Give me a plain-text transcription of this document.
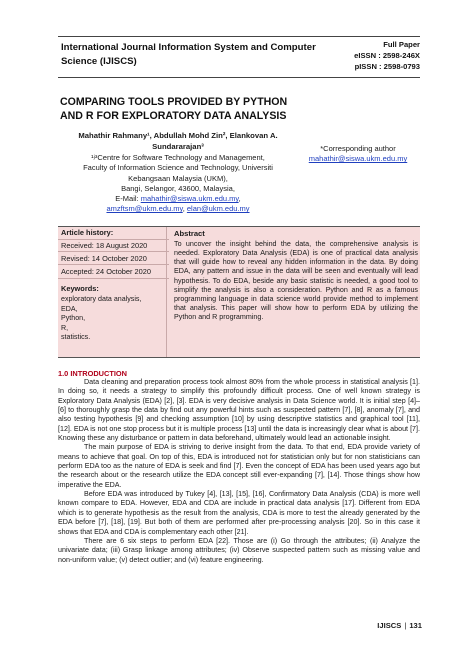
International Journal Information System and Computer Science (IJISCS)
Full Paper
eISSN : 2598-246X
pISSN : 2598-0793
COMPARING TOOLS PROVIDED BY PYTHON AND R FOR EXPLORATORY DATA ANALYSIS
Mahathir Rahmany¹, Abdullah Mohd Zin², Elankovan A.
Sundararajan³
¹ʲ³Centre for Software Technology and Management,
Faculty of Information Science and Technology, Universiti
Kebangsaan Malaysia (UKM),
Bangi, Selangor, 43600, Malaysia,
E-Mail: mahathir@siswa.ukm.edu.my,
amzftsm@ukm.edu.my, elan@ukm.edu.my
*Corresponding author
mahathir@siswa.ukm.edu.my
Article history:
Received: 18 August 2020
Revised: 14 October 2020
Accepted: 24 October 2020
Keywords:
exploratory data analysis,
EDA,
Python,
R,
statistics.
Abstract
To uncover the insight behind the data, the comprehensive analysis is needed. Exploratory Data Analysis (EDA) is one of practical data analysis that will guide how to reveal any hidden information in the data. By doing EDA, any pattern and issue in the data will be seen and eventually will lead hypothesis. To do EDA, beside any basic statistic is needed, a good tool to simplify the analysis is also a consideration. Python and R as a famous programming language in data science world provide method to implement that analysis. This paper will show how to perform EDA by utilizing the Python and R programming.
1.0 INTRODUCTION

Data cleaning and preparation process took almost 80% from the whole process in statistical analysis [1]. In doing so, it needs a strategy to simplify this profoundly difficult process. One of well known strategy is Exploratory Data Analysis (EDA) [2], [3]. EDA is very decisive analysis in Data Science world. It is initial step [4]–[6] to thoroughly grasp the data by find out any powerful hints such as suspected pattern [7], [8], anomaly [7], and also testing hypothesis [9] and checking assumption [10] by using descriptive statistics and graphical tool [11], [12]. EDA is not one stop process but it is multiple process [13] until the data is increasingly clear what is about [7]. Knowing these any disturbance or pattern in data beforehand, ultimately would lead an actionable insight.

The main purpose of EDA is striving to derive insight from the data. To that end, EDA provide variety of means to achieve that goal. On top of this, EDA is introduced not for statistician only but for non statisticians can perform EDA too as the nature of EDA is seek and find [7]. Even the concept of EDA has been used years ago but the research about or the research utilize the EDA concept still ever-expanding [7], [14]. Those things show how imperative the EDA.

Before EDA was introduced by Tukey [4], [13], [15], [16], Confirmatory Data Analysis (CDA) is more well known compare to EDA. However, EDA and CDA are include in practical data analysis [17]. Different from EDA which is to generate hypothesis as the result from the analysis, CDA is more to test the already generated by the EDA before [7], [18], [19]. But both of them are performed after pre-processing analysis [20]. So in this case it shows that EDA and CDA is complementary each other [21].

There are 6 six steps to perform EDA [22]. Those are (i) Go through the attributes; (ii) Analyze the univariate data; (iii) Grasp linkage among attributes; (iv) Observe suspected pattern such as missing value and non-uniform value; (v) detect outlier; and (vi) feature engineering.

IJISCS | 131
